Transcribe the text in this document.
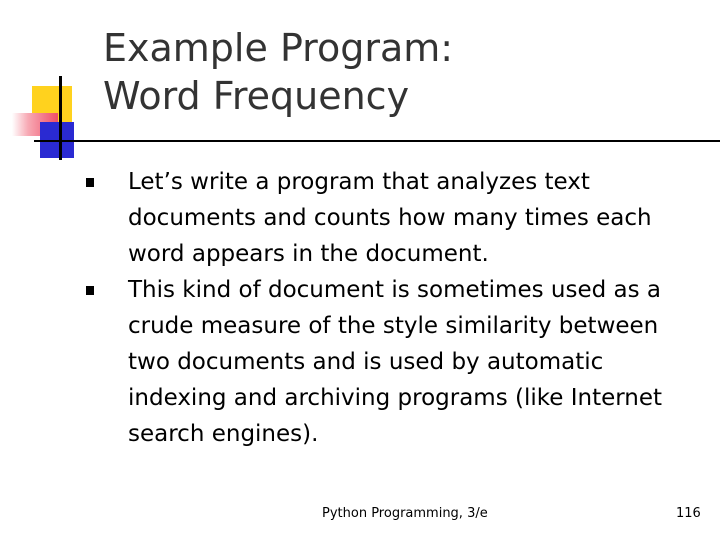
Example Program:
Word Frequency
Let’s write a program that analyzes text documents and counts how many times each word appears in the document.
This kind of document is sometimes used as a crude measure of the style similarity between two documents and is used by automatic indexing and archiving programs (like Internet search engines).
Python Programming, 3/e	116
